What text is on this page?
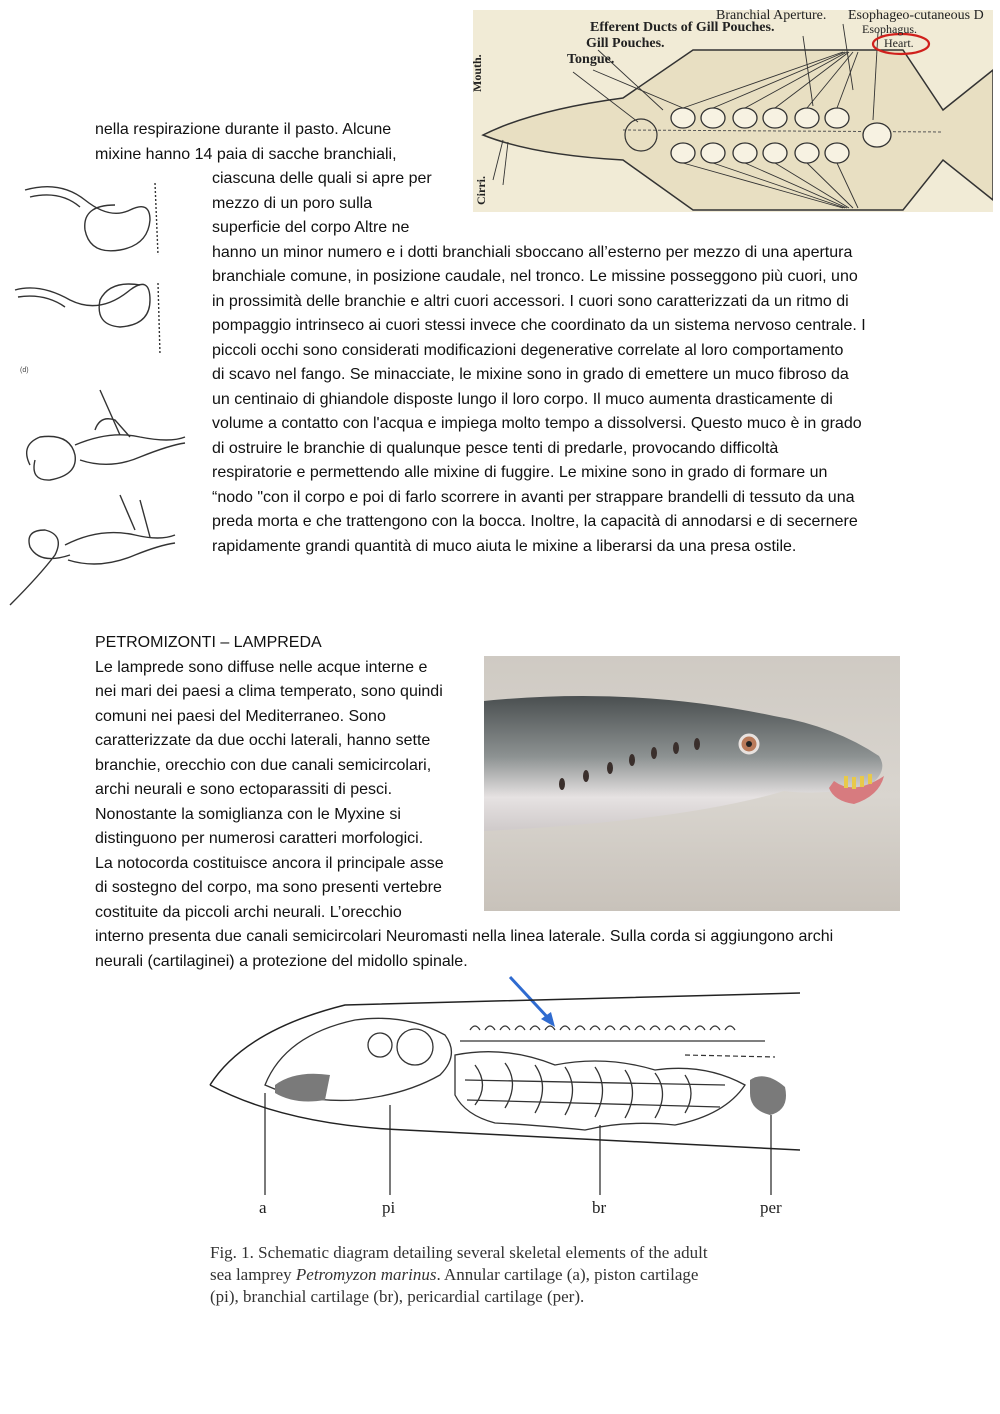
Branchial Aperture. Esophageo-cutaneous D
Efferent Ducts of Gill Pouches.	Esophagus.
Gill Pouches.	Heart.
Tongue.
Mouth.
Cirri.
(d)
nella respirazione durante il pasto. Alcune
mixine hanno 14 paia di sacche branchiali,
ciascuna delle quali si apre per
mezzo di un poro sulla
superficie del corpo Altre ne
hanno un minor numero e i dotti branchiali sboccano all’esterno per mezzo di una apertura
branchiale comune, in posizione caudale, nel tronco. Le missine posseggono più cuori, uno
in prossimità delle branchie e altri cuori accessori. I cuori sono caratterizzati da un ritmo di
pompaggio intrinseco ai cuori stessi invece che coordinato da un sistema nervoso centrale. I
piccoli occhi sono considerati modificazioni degenerative correlate al loro comportamento
di scavo nel fango. Se minacciate, le mixine sono in grado di emettere un muco fibroso da
un centinaio di ghiandole disposte lungo il loro corpo. Il muco aumenta drasticamente di
volume a contatto con l'acqua e impiega molto tempo a dissolversi. Questo muco è in grado
di ostruire le branchie di qualunque pesce tenti di predarle, provocando difficoltà
respiratorie e permettendo alle mixine di fuggire. Le mixine sono in grado di formare un
“nodo "con il corpo e poi di farlo scorrere in avanti per strappare brandelli di tessuto da una
preda morta e che trattengono con la bocca. Inoltre, la capacità di annodarsi e di secernere
rapidamente grandi quantità di muco aiuta le mixine a liberarsi da una presa ostile.
PETROMIZONTI – LAMPREDA
Le lamprede sono diffuse nelle acque interne e
nei mari dei paesi a clima temperato, sono quindi
comuni nei paesi del Mediterraneo. Sono
caratterizzate da due occhi laterali, hanno sette
branchie, orecchio con due canali semicircolari,
archi neurali e sono ectoparassiti di pesci.
Nonostante la somiglianza con le Myxine si
distinguono per numerosi caratteri morfologici.
La notocorda costituisce ancora il principale asse
di sostegno del corpo, ma sono presenti vertebre
costituite da piccoli archi neurali. L’orecchio
interno presenta due canali semicircolari Neuromasti nella linea laterale. Sulla corda si aggiungono archi
neurali (cartilaginei) a protezione del midollo spinale.
a	pi	br	per
Fig. 1. Schematic diagram detailing several skeletal elements of the adult
sea lamprey Petromyzon marinus. Annular cartilage (a), piston cartilage
(pi), branchial cartilage (br), pericardial cartilage (per).
